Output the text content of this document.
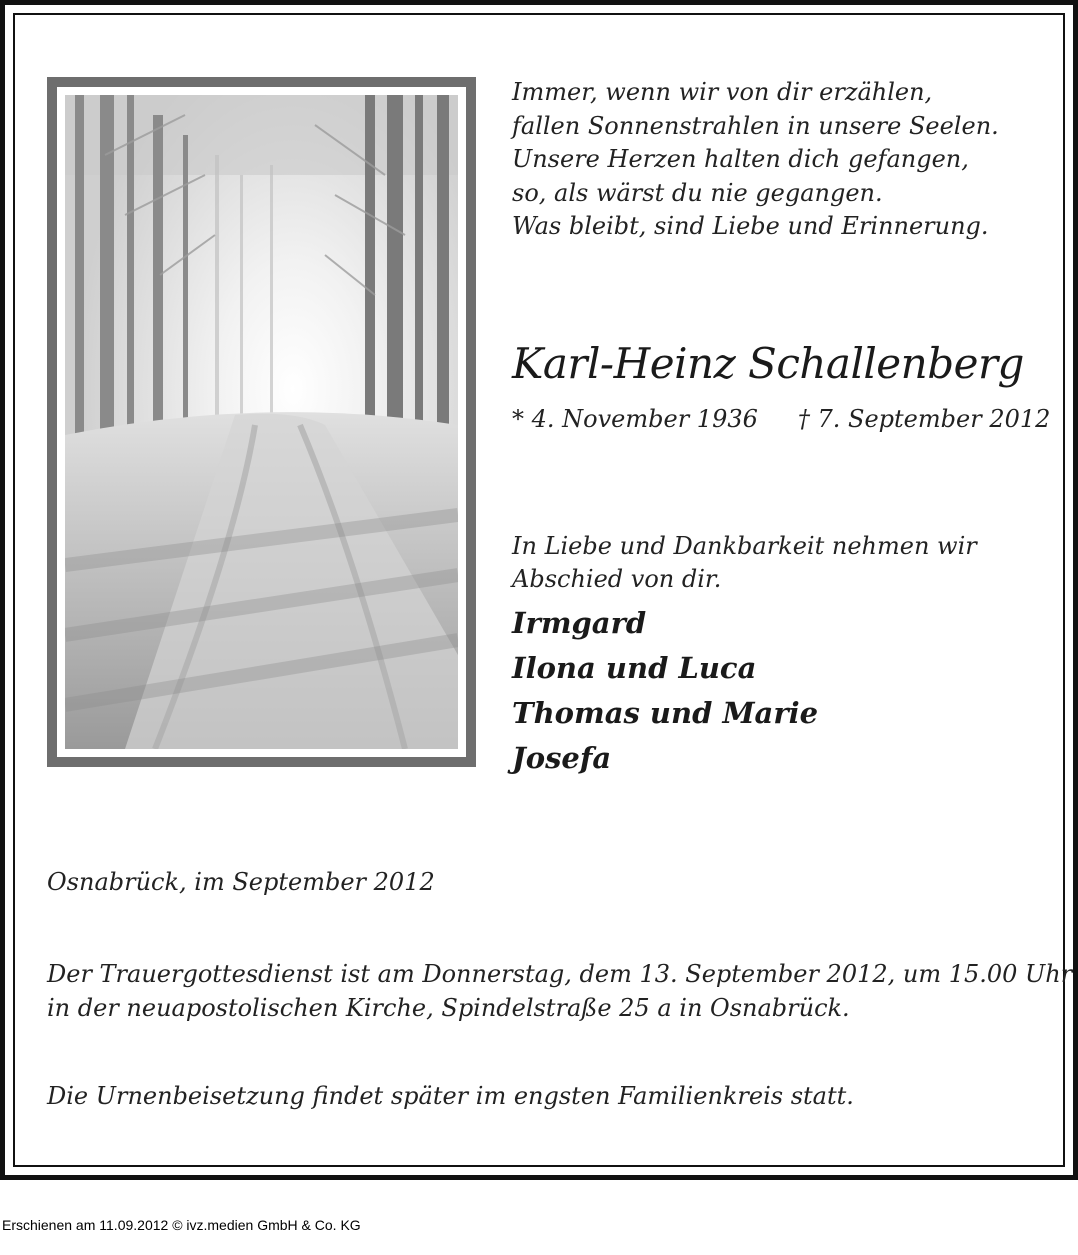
Immer, wenn wir von dir erzählen,
fallen Sonnenstrahlen in unsere Seelen.
Unsere Herzen halten dich gefangen,
so, als wärst du nie gegangen.
Was bleibt, sind Liebe und Erinnerung.
Karl-Heinz Schallenberg
* 4. November 1936 † 7. September 2012
In Liebe und Dankbarkeit nehmen wir
Abschied von dir.
Irmgard
Ilona und Luca
Thomas und Marie
Josefa
Osnabrück, im September 2012
Der Trauergottesdienst ist am Donnerstag, dem 13. September 2012, um 15.00 Uhr
in der neuapostolischen Kirche, Spindelstraße 25 a in Osnabrück.
Die Urnenbeisetzung findet später im engsten Familienkreis statt.
Erschienen am 11.09.2012 © ivz.medien GmbH & Co. KG
